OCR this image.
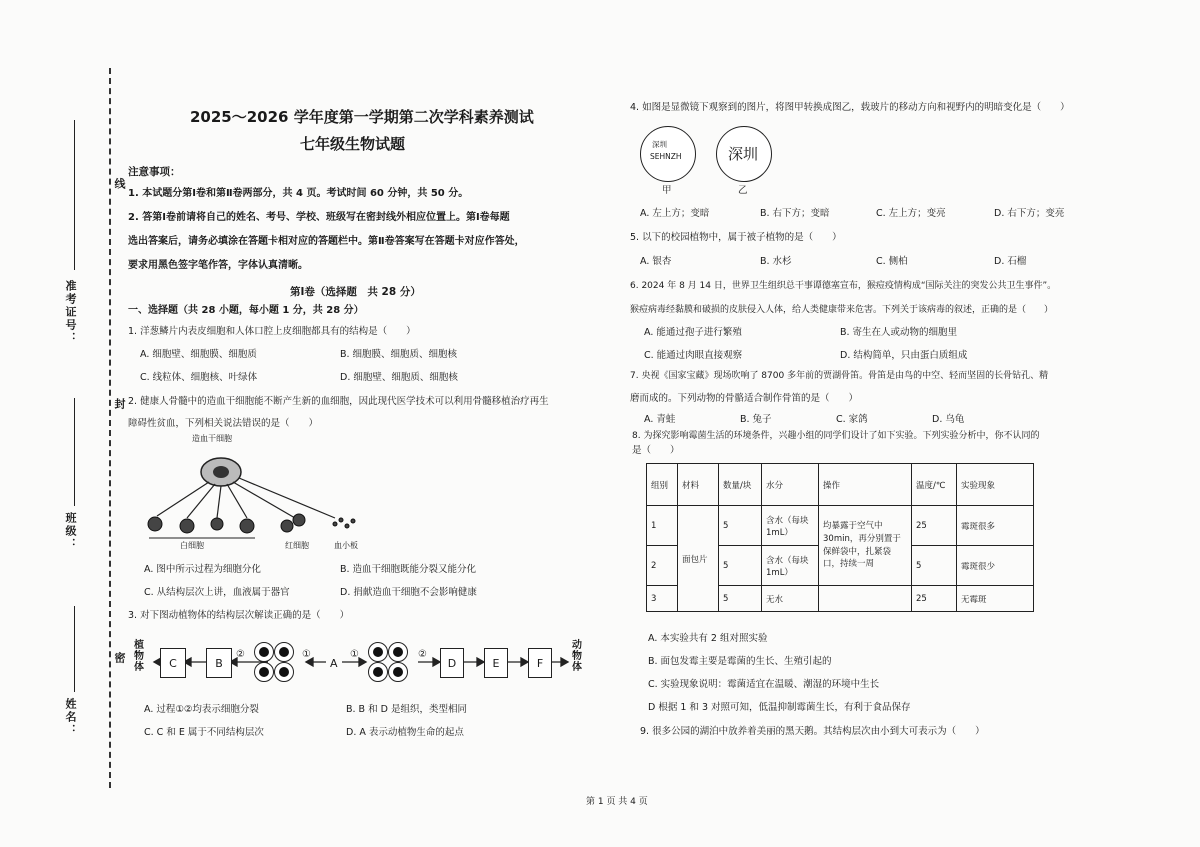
线
封
密
准考证号：
班级：
姓名：
2025～2026 学年度第一学期第二次学科素养测试
七年级生物试题
注意事项：
1. 本试题分第Ⅰ卷和第Ⅱ卷两部分，共 4 页。考试时间 60 分钟，共 50 分。
2. 答第Ⅰ卷前请将自己的姓名、考号、学校、班级写在密封线外相应位置上。第Ⅰ卷每题
选出答案后，请务必填涂在答题卡相对应的答题栏中。第Ⅱ卷答案写在答题卡对应作答处，
要求用黑色签字笔作答，字体认真清晰。
第Ⅰ卷（选择题　共 28 分）
一、选择题（共 28 小题，每小题 1 分，共 28 分）
1. 洋葱鳞片内表皮细胞和人体口腔上皮细胞都具有的结构是（　　）
A. 细胞壁、细胞膜、细胞质	B. 细胞膜、细胞质、细胞核
C. 线粒体、细胞核、叶绿体	D. 细胞壁、细胞质、细胞核
2. 健康人骨髓中的造血干细胞能不断产生新的血细胞，因此现代医学技术可以利用骨髓移植治疗再生
障碍性贫血，下列相关说法错误的是（　　）
造血干细胞
白细胞	红细胞	血小板
A. 图中所示过程为细胞分化	B. 造血干细胞既能分裂又能分化
C. 从结构层次上讲，血液属于器官	D. 捐献造血干细胞不会影响健康
3. 对下图动植物体的结构层次解读正确的是（　　）
植物体	C	B
②	①
A
①	②
D	E	F
动物体
A. 过程①②均表示细胞分裂	B. B 和 D 是组织，类型相同
C. C 和 E 属于不同结构层次	D. A 表示动植物生命的起点
4. 如图是显微镜下观察到的图片，将图甲转换成图乙，载玻片的移动方向和视野内的明暗变化是（　　）
深圳
SEHNZH	深圳
甲	乙
A. 左上方；变暗	B. 右下方；变暗	C. 左上方；变亮	D. 右下方；变亮
5. 以下的校园植物中，属于被子植物的是（　　）
A. 银杏	B. 水杉	C. 侧柏	D. 石榴
6. 2024 年 8 月 14 日，世界卫生组织总干事谭德塞宣布，猴痘疫情构成“国际关注的突发公共卫生事件”。
猴痘病毒经黏膜和破损的皮肤侵入人体，给人类健康带来危害。下列关于该病毒的叙述，正确的是（　　）
A. 能通过孢子进行繁殖	B. 寄生在人或动物的细胞里
C. 能通过肉眼直接观察	D. 结构简单，只由蛋白质组成
7. 央视《国家宝藏》现场吹响了 8700 多年前的贾湖骨笛。骨笛是由鸟的中空、轻而坚固的长骨钻孔、精
磨而成的。下列动物的骨骼适合制作骨笛的是（　　）
A. 青蛙	B. 兔子	C. 家鸽	D. 乌龟
8. 为探究影响霉菌生活的环境条件，兴趣小组的同学们设计了如下实验。下列实验分析中，你不认同的
是（　　）
组别	材料	数量/块	水分	操作	温度/℃	实验现象
1	面包片	5	含水（每块1mL）	均暴露于空气中 30min，再分别置于保鲜袋中，扎紧袋口，持续一周	25	霉斑很多
2		5	含水（每块1mL）		5	霉斑很少
3		5	无水		25	无霉斑
A. 本实验共有 2 组对照实验
B. 面包发霉主要是霉菌的生长、生殖引起的
C. 实验现象说明：霉菌适宜在温暖、潮湿的环境中生长
D 根据 1 和 3 对照可知，低温抑制霉菌生长，有利于食品保存
9. 很多公园的湖泊中放养着美丽的黑天鹅。其结构层次由小到大可表示为（　　）
第 1 页 共 4 页
